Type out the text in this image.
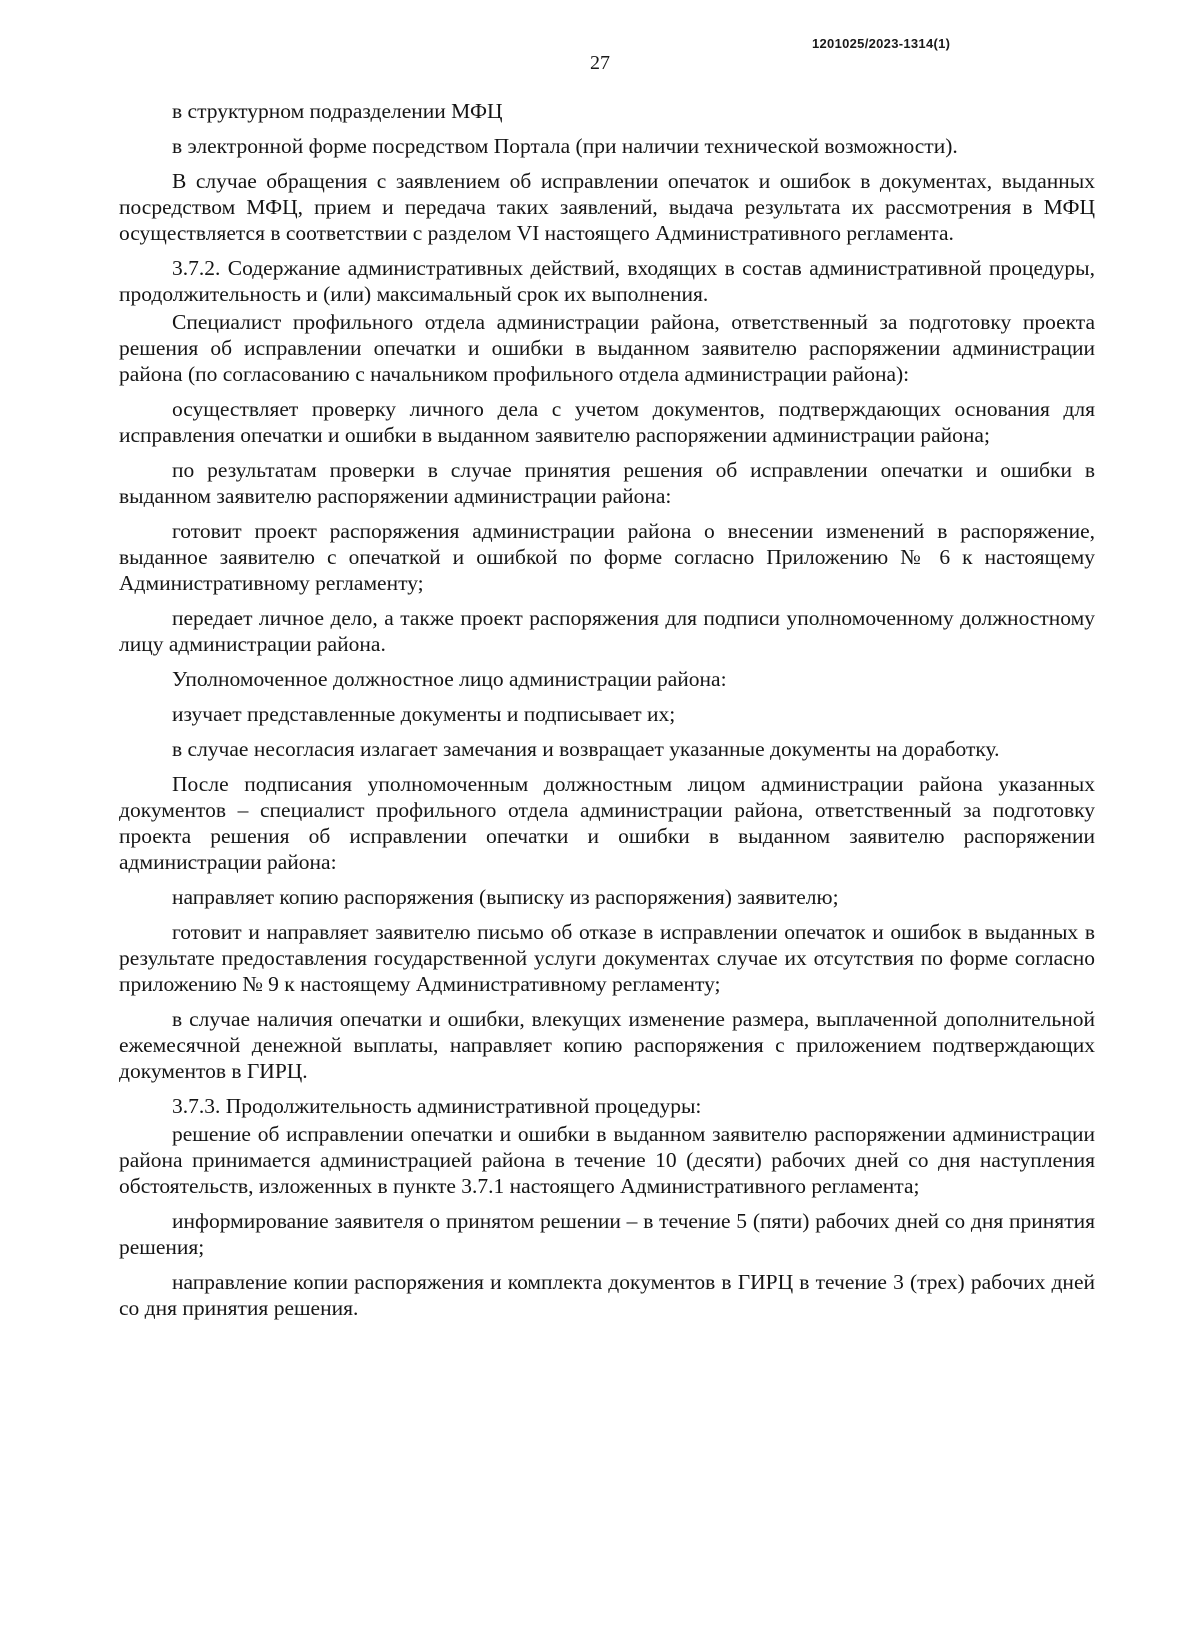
1201025/2023-1314(1)
27

в структурном подразделении МФЦ

в электронной форме посредством Портала (при наличии технической возможности).

В случае обращения с заявлением об исправлении опечаток и ошибок в документах, выданных посредством МФЦ, прием и передача таких заявлений, выдача результата их рассмотрения в МФЦ осуществляется в соответствии с разделом VI настоящего Административного регламента.

3.7.2. Содержание административных действий, входящих в состав административной процедуры, продолжительность и (или) максимальный срок их выполнения.

Специалист профильного отдела администрации района, ответственный за подготовку проекта решения об исправлении опечатки и ошибки в выданном заявителю распоряжении администрации района (по согласованию с начальником профильного отдела администрации района):

осуществляет проверку личного дела с учетом документов, подтверждающих основания для исправления опечатки и ошибки в выданном заявителю распоряжении администрации района;

по результатам проверки в случае принятия решения об исправлении опечатки и ошибки в выданном заявителю распоряжении администрации района:

готовит проект распоряжения администрации района о внесении изменений в распоряжение, выданное заявителю с опечаткой и ошибкой по форме согласно Приложению № 6 к настоящему Административному регламенту;

передает личное дело, а также проект распоряжения для подписи уполномоченному должностному лицу администрации района.

Уполномоченное должностное лицо администрации района:

изучает представленные документы и подписывает их;

в случае несогласия излагает замечания и возвращает указанные документы на доработку.

После подписания уполномоченным должностным лицом администрации района указанных документов – специалист профильного отдела администрации района, ответственный за подготовку проекта решения об исправлении опечатки и ошибки в выданном заявителю распоряжении администрации района:

направляет копию распоряжения (выписку из распоряжения) заявителю;

готовит и направляет заявителю письмо об отказе в исправлении опечаток и ошибок в выданных в результате предоставления государственной услуги документах случае их отсутствия по форме согласно приложению № 9 к настоящему Административному регламенту;

в случае наличия опечатки и ошибки, влекущих изменение размера, выплаченной дополнительной ежемесячной денежной выплаты, направляет копию распоряжения с приложением подтверждающих документов в ГИРЦ.

3.7.3. Продолжительность административной процедуры:

решение об исправлении опечатки и ошибки в выданном заявителю распоряжении администрации района принимается администрацией района в течение 10 (десяти) рабочих дней со дня наступления обстоятельств, изложенных в пункте 3.7.1 настоящего Административного регламента;

информирование заявителя о принятом решении – в течение 5 (пяти) рабочих дней со дня принятия решения;

направление копии распоряжения и комплекта документов в ГИРЦ в течение 3 (трех) рабочих дней со дня принятия решения.
